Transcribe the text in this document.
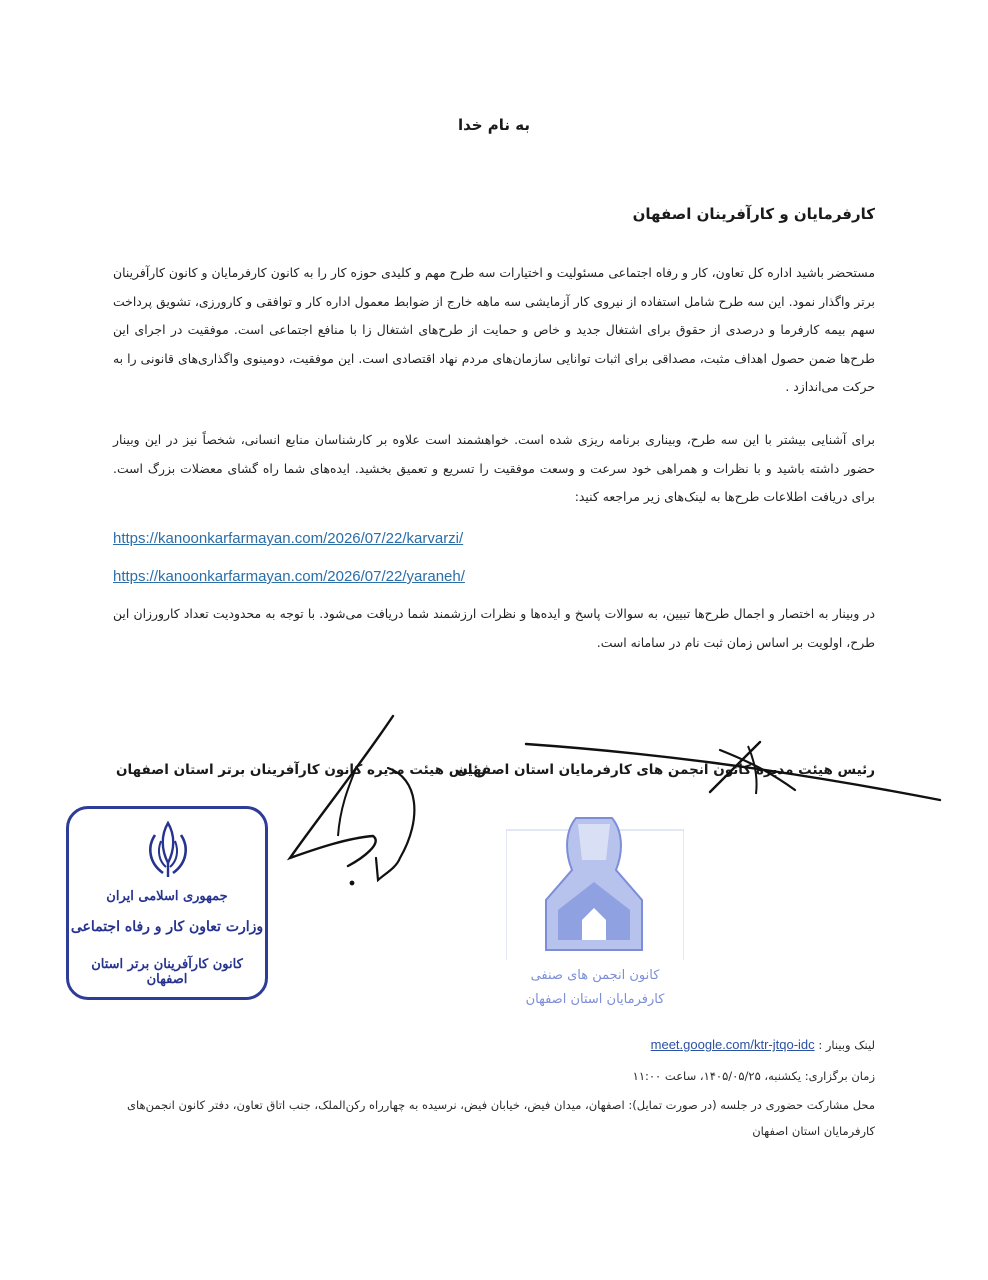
به نام خدا
کارفرمایان و کارآفرینان اصفهان
مستحضر باشید اداره کل تعاون، کار و رفاه اجتماعی مسئولیت و اختیارات سه طرح مهم و کلیدی حوزه کار را به کانون کارفرمایان و کانون کارآفرینان برتر واگذار نمود. این سه طرح شامل استفاده از نیروی کار آزمایشی سه ماهه خارج از ضوابط معمول اداره کار و توافقی و کارورزی، تشویق پرداخت سهم بیمه کارفرما و درصدی از حقوق برای اشتغال جدید و خاص و حمایت از طرح‌های اشتغال زا با منافع اجتماعی است. موفقیت در اجرای این طرح‌ها ضمن حصول اهداف مثبت، مصداقی برای اثبات توانایی سازمان‌های مردم نهاد اقتصادی است. این موفقیت، دومینوی واگذاری‌های قانونی را به حرکت می‌اندازد .
برای آشنایی بیشتر با این سه طرح، وبیناری برنامه ریزی شده است. خواهشمند است علاوه بر کارشناسان منابع انسانی، شخصاً نیز در این وبینار حضور داشته باشید و با نظرات و همراهی خود سرعت و وسعت موفقیت را تسریع و تعمیق بخشید. ایده‌های شما راه گشای معضلات بزرگ است. برای دریافت اطلاعات طرح‌ها به لینک‌های زیر مراجعه کنید:
https://kanoonkarfarmayan.com/2026/07/22/karvarzi/
https://kanoonkarfarmayan.com/2026/07/22/yaraneh/
در وبینار به اختصار و اجمال طرح‌ها تبیین، به سوالات پاسخ و ایده‌ها و نظرات ارزشمند شما دریافت می‌شود. با توجه به محدودیت تعداد کارورزان این طرح، اولویت بر اساس زمان ثبت نام در سامانه است.
رئیس هیئت مدیره کانون انجمن های کارفرمایان استان اصفهان
رئیس هیئت مدیره کانون کارآفرینان برتر استان اصفهان
جمهوری اسلامی ایران
وزارت تعاون کار و رفاه اجتماعی
کانون کارآفرینان برتر استان اصفهان	کانون انجمن های صنفی
کارفرمایان استان اصفهان
لینک وبینار : meet.google.com/ktr-jtqo-idc
زمان برگزاری: یکشنبه، ۱۴۰۵/۰۵/۲۵، ساعت ۱۱:۰۰
محل مشارکت حضوری در جلسه (در صورت تمایل): اصفهان، میدان فیض، خیابان فیض، نرسیده به چهارراه رکن‌الملک، جنب اتاق تعاون، دفتر کانون انجمن‌های کارفرمایان استان اصفهان
